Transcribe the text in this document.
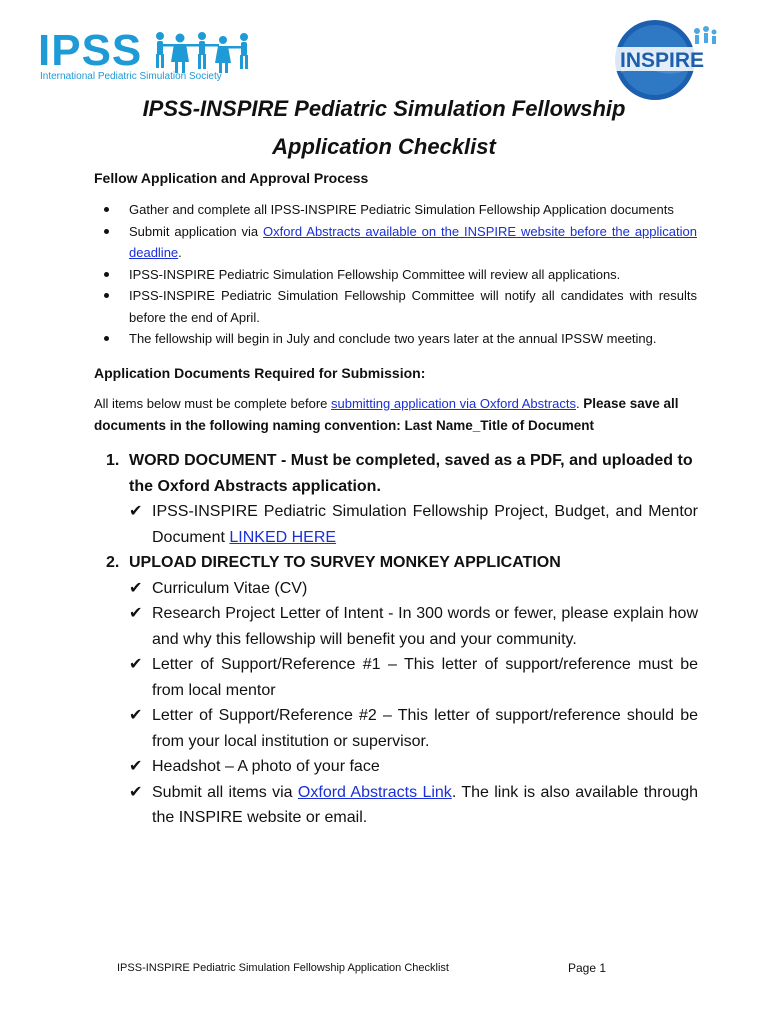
IPSS
International Pediatric Simulation Society
INSPIRE
IPSS-INSPIRE Pediatric Simulation Fellowship
Application Checklist
Fellow Application and Approval Process
Gather and complete all IPSS-INSPIRE Pediatric Simulation Fellowship Application documents
Submit application via Oxford Abstracts available on the INSPIRE website before the application deadline.
IPSS-INSPIRE Pediatric Simulation Fellowship Committee will review all applications.
IPSS-INSPIRE Pediatric Simulation Fellowship Committee will notify all candidates with results before the end of April.
The fellowship will begin in July and conclude two years later at the annual IPSSW meeting.
Application Documents Required for Submission:
All items below must be complete before submitting application via Oxford Abstracts. Please save all documents in the following naming convention: Last Name_Title of Document
1. WORD DOCUMENT - Must be completed, saved as a PDF, and uploaded to the Oxford Abstracts application.
✔ IPSS-INSPIRE Pediatric Simulation Fellowship Project, Budget, and Mentor Document LINKED HERE
2. UPLOAD DIRECTLY TO SURVEY MONKEY APPLICATION
✔ Curriculum Vitae (CV)
✔ Research Project Letter of Intent - In 300 words or fewer, please explain how and why this fellowship will benefit you and your community.
✔ Letter of Support/Reference #1 – This letter of support/reference must be from local mentor
✔ Letter of Support/Reference #2 – This letter of support/reference should be from your local institution or supervisor.
✔ Headshot – A photo of your face
✔ Submit all items via Oxford Abstracts Link. The link is also available through the INSPIRE website or email.
IPSS-INSPIRE Pediatric Simulation Fellowship Application Checklist	Page 1
